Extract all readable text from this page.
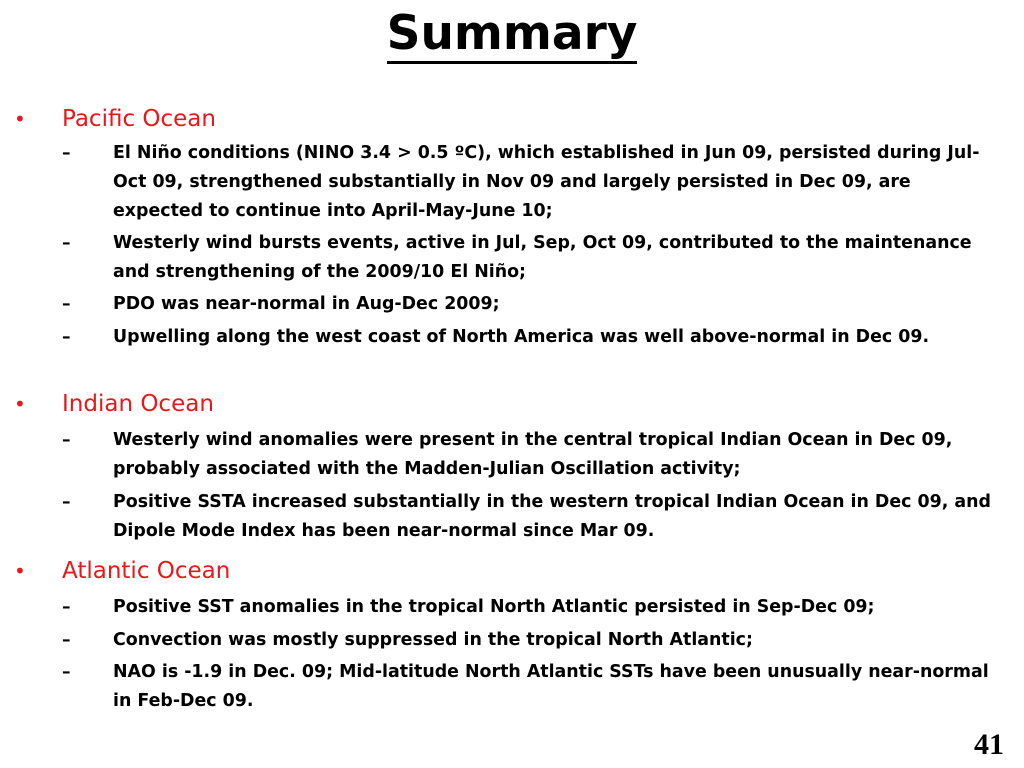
Summary
•	Pacific Ocean
– El Niño conditions (NINO 3.4 > 0.5 ºC), which established in Jun 09, persisted during Jul-Oct 09, strengthened substantially in Nov 09 and largely persisted in Dec 09, are expected to continue into April-May-June 10;
– Westerly wind bursts events, active in Jul, Sep, Oct 09, contributed to the maintenance and strengthening of the 2009/10 El Niño;
– PDO was near-normal in Aug-Dec 2009;
– Upwelling along the west coast of North America was well above-normal in Dec 09.
•	Indian Ocean
– Westerly wind anomalies were present in the central tropical Indian Ocean in Dec 09, probably associated with the Madden-Julian Oscillation activity;
– Positive SSTA increased substantially in the western tropical Indian Ocean in Dec 09, and Dipole Mode Index has been near-normal since Mar 09.
•	Atlantic Ocean
– Positive SST anomalies in the tropical North Atlantic persisted in Sep-Dec 09;
– Convection was mostly suppressed in the tropical North Atlantic;
– NAO is -1.9 in Dec. 09; Mid-latitude North Atlantic SSTs have been unusually near-normal in Feb-Dec 09.
41
